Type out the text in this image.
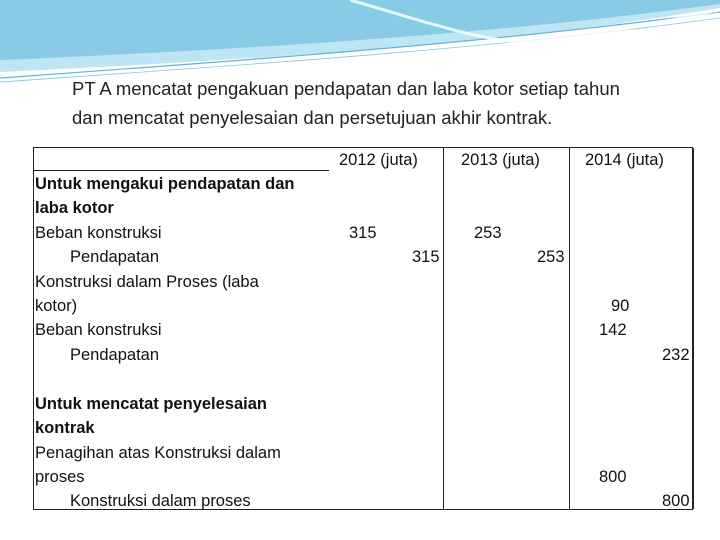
PT A mencatat pengakuan pendapatan dan laba kotor setiap tahun
dan mencatat penyelesaian dan persetujuan akhir kontrak.
2012 (juta)	2013 (juta)	2014 (juta)
Untuk mengakui pendapatan dan
laba kotor
Beban konstruksi
Pendapatan
Konstruksi dalam Proses (laba
kotor)
Beban konstruksi
Pendapatan
Untuk mencatat penyelesaian
kontrak
Penagihan atas Konstruksi dalam
proses
Konstruksi dalam proses
315
315
253
253
90
142
232
800
800
